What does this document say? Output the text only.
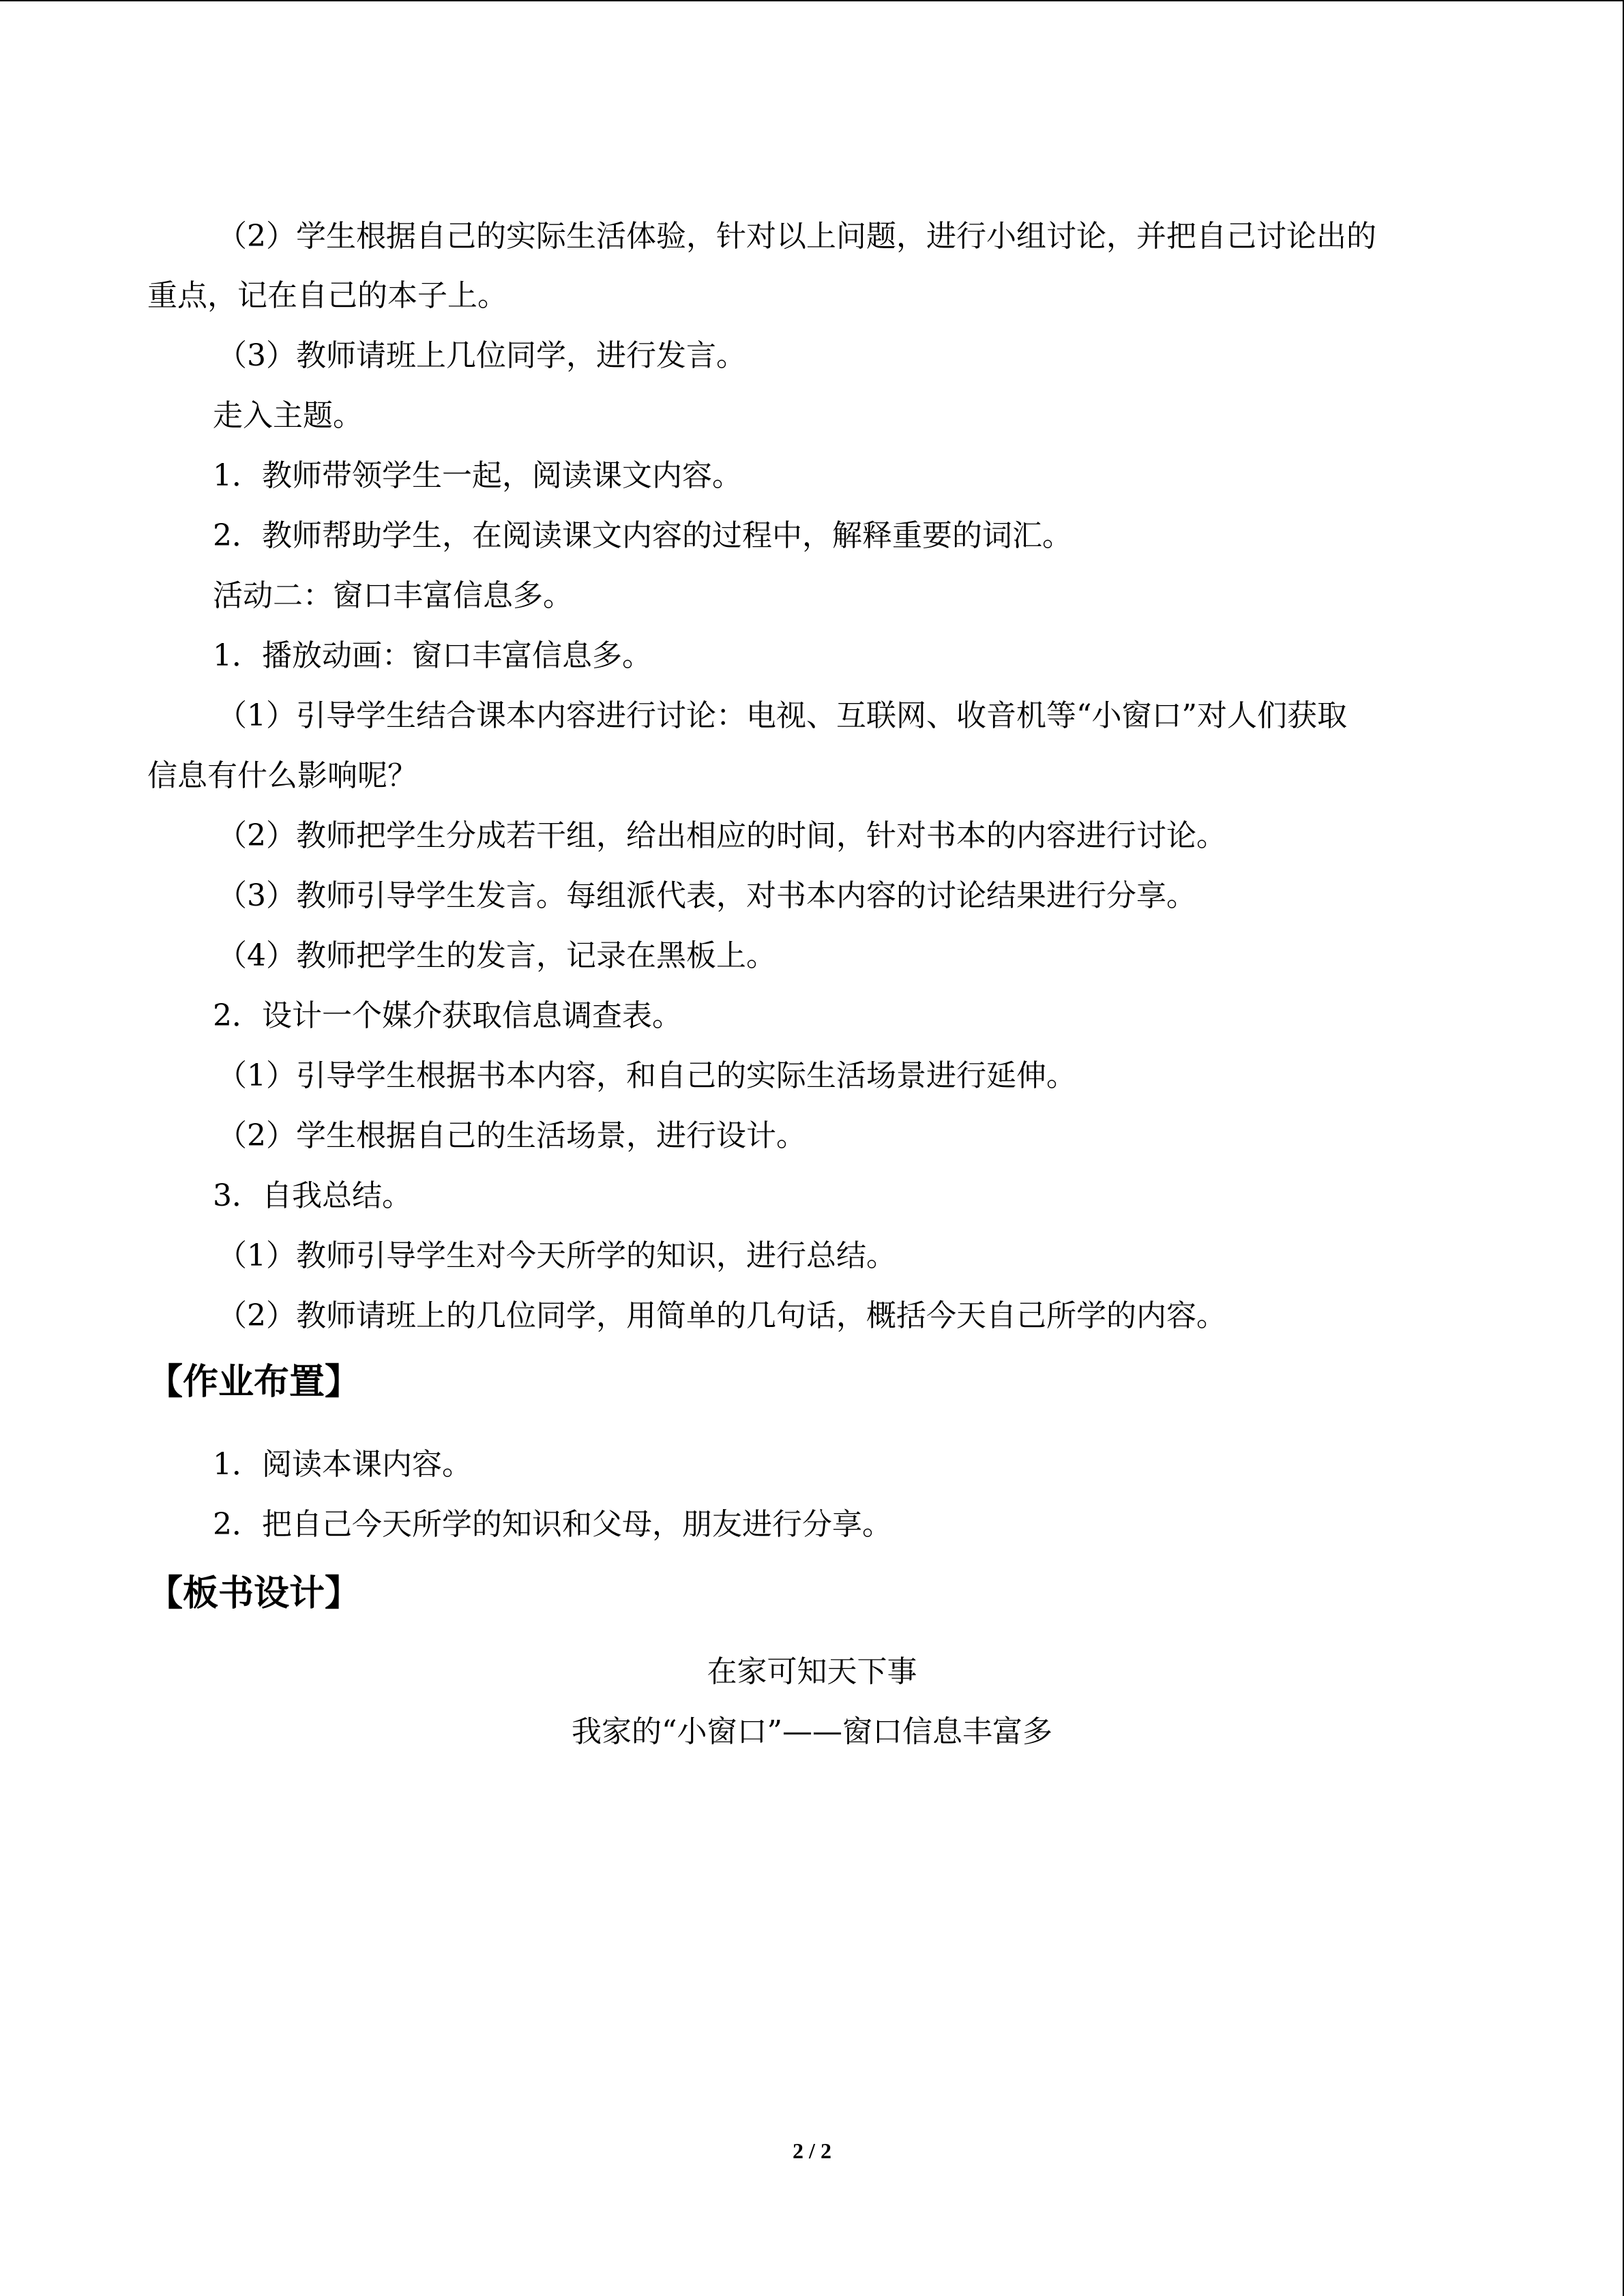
（2）学生根据自己的实际生活体验，针对以上问题，进行小组讨论，并把自己讨论出的
重点，记在自己的本子上。
（3）教师请班上几位同学，进行发言。
走入主题。
1．教师带领学生一起，阅读课文内容。
2．教师帮助学生，在阅读课文内容的过程中，解释重要的词汇。
活动二：窗口丰富信息多。
1．播放动画：窗口丰富信息多。
（1）引导学生结合课本内容进行讨论：电视、互联网、收音机等“小窗口”对人们获取
信息有什么影响呢？
（2）教师把学生分成若干组，给出相应的时间，针对书本的内容进行讨论。
（3）教师引导学生发言。每组派代表，对书本内容的讨论结果进行分享。
（4）教师把学生的发言，记录在黑板上。
2．设计一个媒介获取信息调查表。
（1）引导学生根据书本内容，和自己的实际生活场景进行延伸。
（2）学生根据自己的生活场景，进行设计。
3．自我总结。
（1）教师引导学生对今天所学的知识，进行总结。
（2）教师请班上的几位同学，用简单的几句话，概括今天自己所学的内容。
【作业布置】
1．阅读本课内容。
2．把自己今天所学的知识和父母，朋友进行分享。
【板书设计】
在家可知天下事
我家的“小窗口”——窗口信息丰富多
2 / 2
